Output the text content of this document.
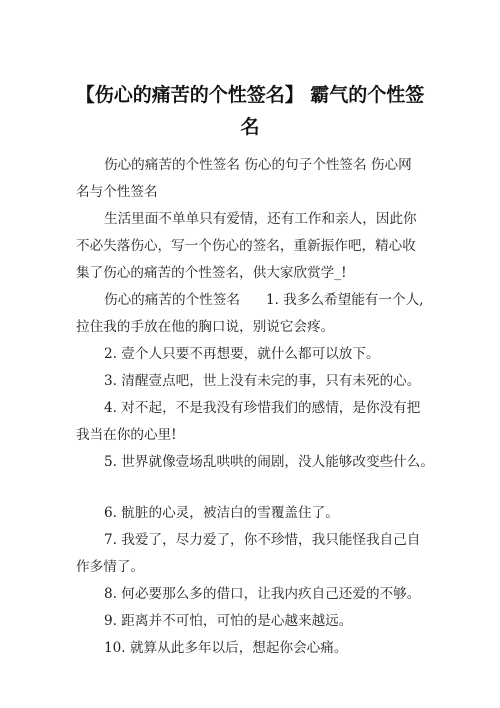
【伤心的痛苦的个性签名】 霸气的个性签
名

伤心的痛苦的个性签名 伤心的句子个性签名 伤心网

名与个性签名

生活里面不单单只有爱情，还有工作和亲人，因此你

不必失落伤心，写一个伤心的签名，重新振作吧，精心收

集了伤心的痛苦的个性签名，供大家欣赏学_!

伤心的痛苦的个性签名 1. 我多么希望能有一个人,

拉住我的手放在他的胸口说，别说它会疼。

2. 壹个人只要不再想要，就什么都可以放下。

3. 清醒壹点吧，世上没有未完的事，只有未死的心。

4. 对不起，不是我没有珍惜我们的感情，是你没有把

我当在你的心里!

5. 世界就像壹场乱哄哄的闹剧，没人能够改变些什么。

6. 骯脏的心灵，被洁白的雪覆盖住了。

7. 我爱了，尽力爱了，你不珍惜，我只能怪我自己自

作多情了。

8. 何必要那么多的借口，让我内疚自己还爱的不够。

9. 距离并不可怕，可怕的是心越来越远。

10. 就算从此多年以后，想起你会心痛。
